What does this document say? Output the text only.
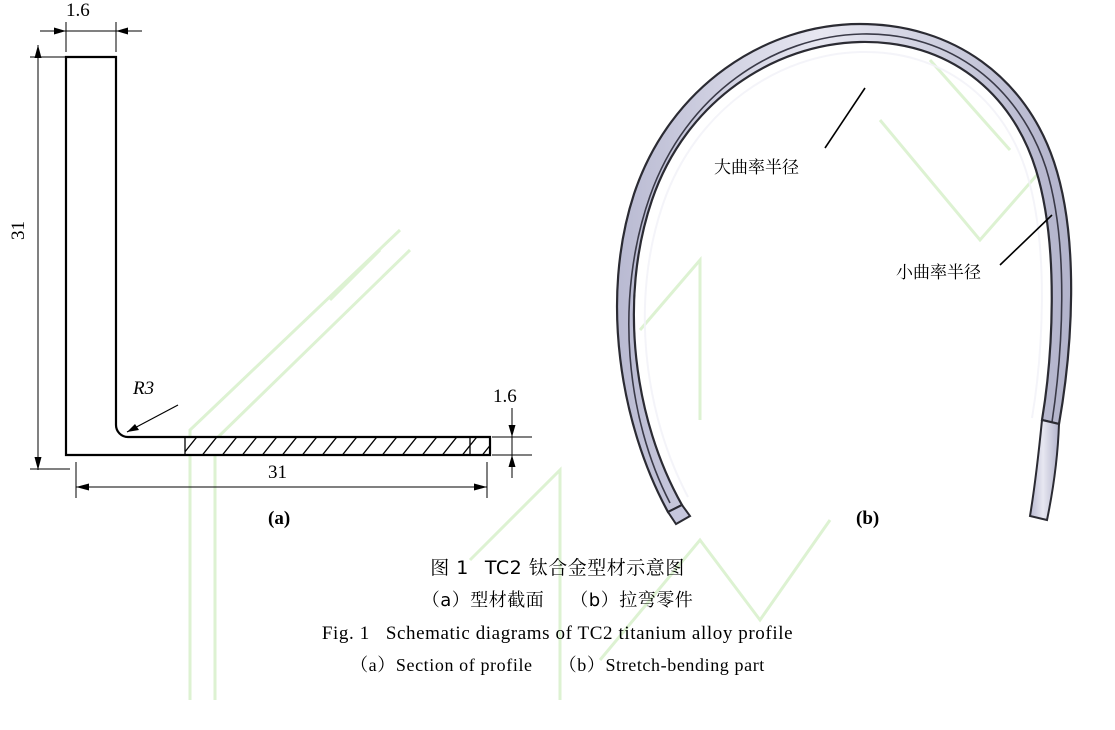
1.6
31
R3
31
1.6
(a)
大曲率半径
小曲率半径
(b)

图 1 TC2 钛合金型材示意图

（a）型材截面 （b）拉弯零件

Fig. 1 Schematic diagrams of TC2 titanium alloy profile

（a）Section of profile （b）Stretch-bending part
